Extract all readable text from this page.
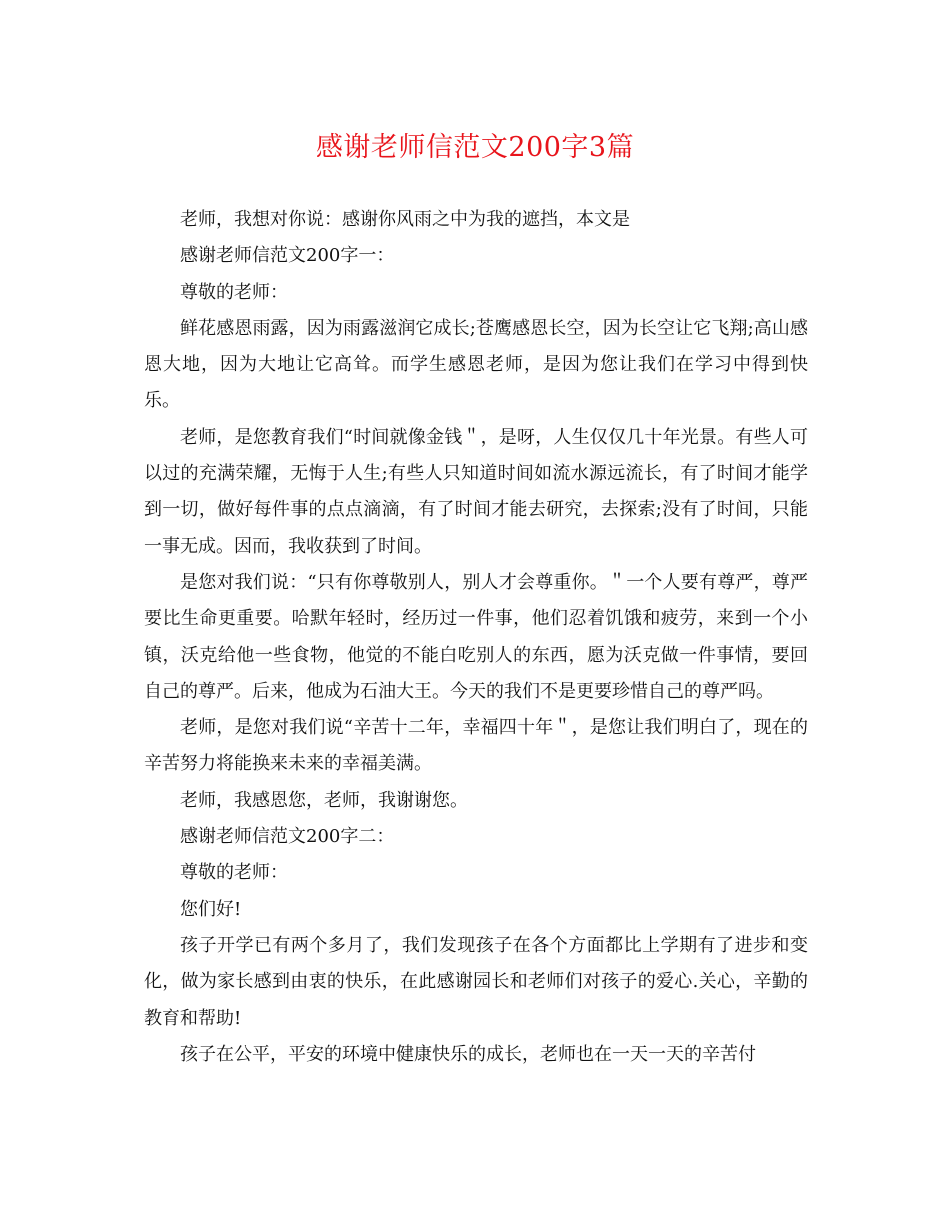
感谢老师信范文200字3篇

老师，我想对你说：感谢你风雨之中为我的遮挡，本文是

感谢老师信范文200字一：

尊敬的老师：

鲜花感恩雨露，因为雨露滋润它成长;苍鹰感恩长空，因为长空让它飞翔;高山感恩大地，因为大地让它高耸。而学生感恩老师，是因为您让我们在学习中得到快乐。

老师，是您教育我们“时间就像金钱＂，是呀，人生仅仅几十年光景。有些人可以过的充满荣耀，无悔于人生;有些人只知道时间如流水源远流长，有了时间才能学到一切，做好每件事的点点滴滴，有了时间才能去研究，去探索;没有了时间，只能一事无成。因而，我收获到了时间。

是您对我们说：“只有你尊敬别人，别人才会尊重你。＂一个人要有尊严，尊严要比生命更重要。哈默年轻时，经历过一件事，他们忍着饥饿和疲劳，来到一个小镇，沃克给他一些食物，他觉的不能白吃别人的东西，愿为沃克做一件事情，要回自己的尊严。后来，他成为石油大王。今天的我们不是更要珍惜自己的尊严吗。

老师，是您对我们说“辛苦十二年，幸福四十年＂，是您让我们明白了，现在的辛苦努力将能换来未来的幸福美满。

老师，我感恩您，老师，我谢谢您。

感谢老师信范文200字二：

尊敬的老师：

您们好!

孩子开学已有两个多月了，我们发现孩子在各个方面都比上学期有了进步和变化，做为家长感到由衷的快乐，在此感谢园长和老师们对孩子的爱心.关心，辛勤的教育和帮助!

孩子在公平，平安的环境中健康快乐的成长，老师也在一天一天的辛苦付
